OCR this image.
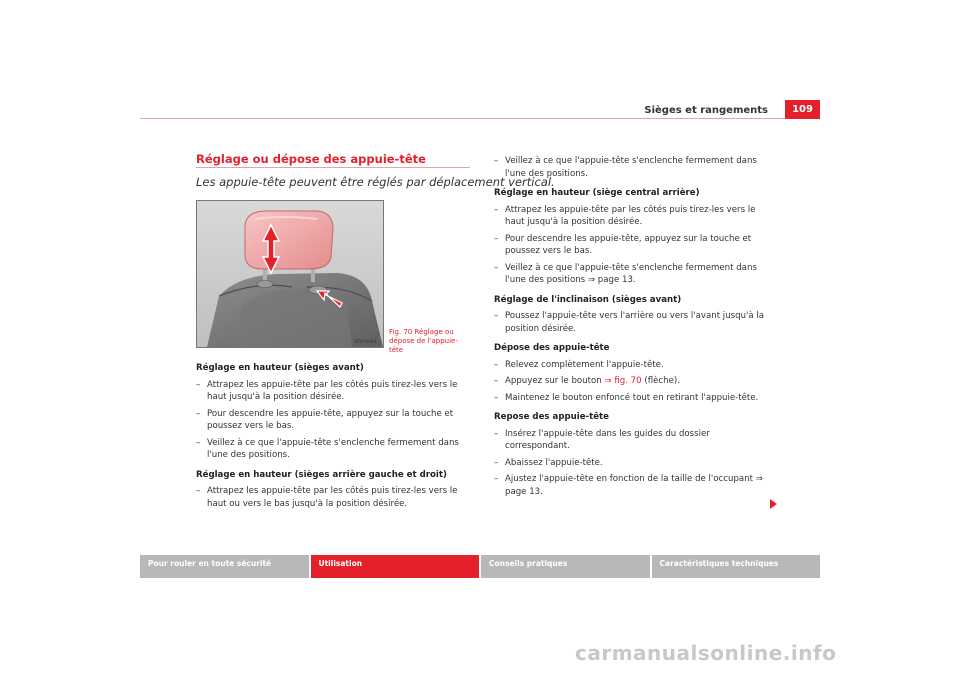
Sièges et rangements	109
Réglage ou dépose des appuie-tête
Les appuie-tête peuvent être réglés par déplacement vertical.
B5P-0064
Fig. 70 Réglage ou
dépose de l'appuie-tête
Réglage en hauteur (sièges avant)
– Attrapez les appuie-tête par les côtés puis tirez-les vers le haut jusqu'à la position désirée.
– Pour descendre les appuie-tête, appuyez sur la touche et poussez vers le bas.
– Veillez à ce que l'appuie-tête s'enclenche fermement dans l'une des positions.
Réglage en hauteur (sièges arrière gauche et droit)
– Attrapez les appuie-tête par les côtés puis tirez-les vers le haut ou vers le bas jusqu'à la position désirée.
– Veillez à ce que l'appuie-tête s'enclenche fermement dans l'une des positions.
Réglage en hauteur (siège central arrière)
– Attrapez les appuie-tête par les côtés puis tirez-les vers le haut jusqu'à la position désirée.
– Pour descendre les appuie-tête, appuyez sur la touche et poussez vers le bas.
– Veillez à ce que l'appuie-tête s'enclenche fermement dans l'une des positions ⇒ page 13.
Réglage de l'inclinaison (sièges avant)
– Poussez l'appuie-tête vers l'arrière ou vers l'avant jusqu'à la position désirée.
Dépose des appuie-tête
– Relevez complètement l'appuie-tête.
– Appuyez sur le bouton ⇒ fig. 70 (flèche).
– Maintenez le bouton enfoncé tout en retirant l'appuie-tête.
Repose des appuie-tête
– Insérez l'appuie-tête dans les guides du dossier correspondant.
– Abaissez l'appuie-tête.
– Ajustez l'appuie-tête en fonction de la taille de l'occupant ⇒ page 13.
Pour rouler en toute sécurité	Utilisation	Conseils pratiques	Caractéristiques techniques
carmanualsonline.info
